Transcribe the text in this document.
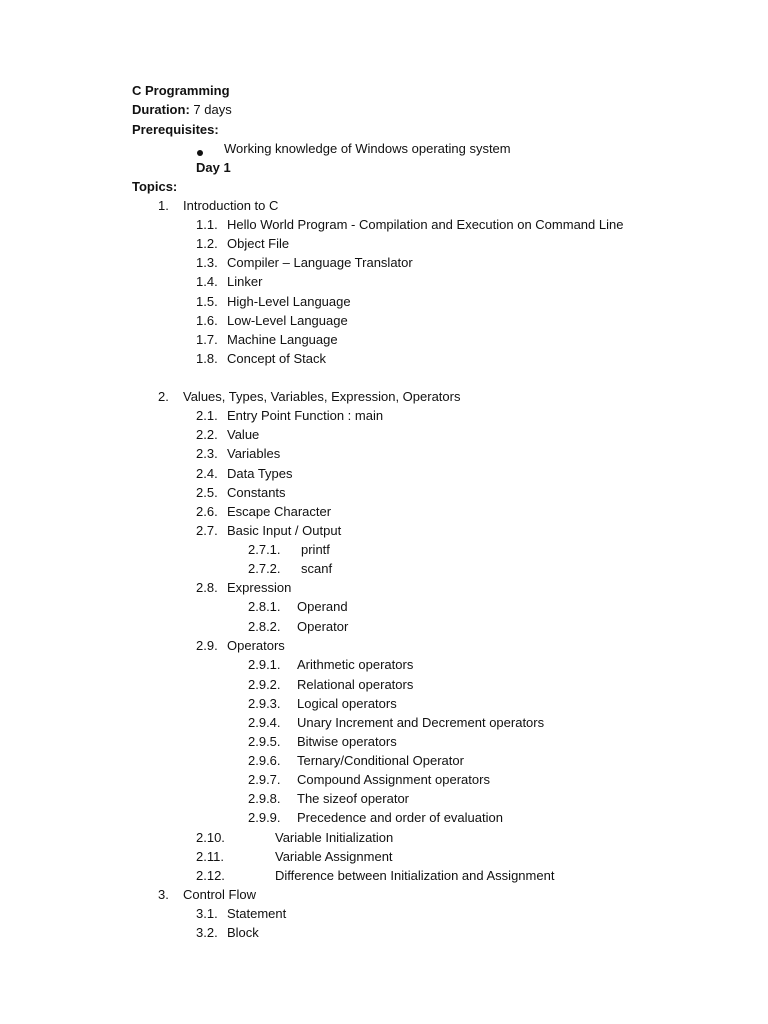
C Programming
Duration: 7 days
Prerequisites:
Working knowledge of Windows operating system
Day 1
Topics:
1. Introduction to C
1.1. Hello World Program - Compilation and Execution on Command Line
1.2. Object File
1.3. Compiler – Language Translator
1.4. Linker
1.5. High-Level Language
1.6. Low-Level Language
1.7. Machine Language
1.8. Concept of Stack
2. Values, Types, Variables, Expression, Operators
2.1. Entry Point Function : main
2.2. Value
2.3. Variables
2.4. Data Types
2.5. Constants
2.6. Escape Character
2.7. Basic Input / Output
2.7.1. printf
2.7.2. scanf
2.8. Expression
2.8.1. Operand
2.8.2. Operator
2.9. Operators
2.9.1. Arithmetic operators
2.9.2. Relational operators
2.9.3. Logical operators
2.9.4. Unary Increment and Decrement operators
2.9.5. Bitwise operators
2.9.6. Ternary/Conditional Operator
2.9.7. Compound Assignment operators
2.9.8. The sizeof operator
2.9.9. Precedence and order of evaluation
2.10.	Variable Initialization
2.11.	Variable Assignment
2.12.	Difference between Initialization and Assignment
3. Control Flow
3.1. Statement
3.2. Block
